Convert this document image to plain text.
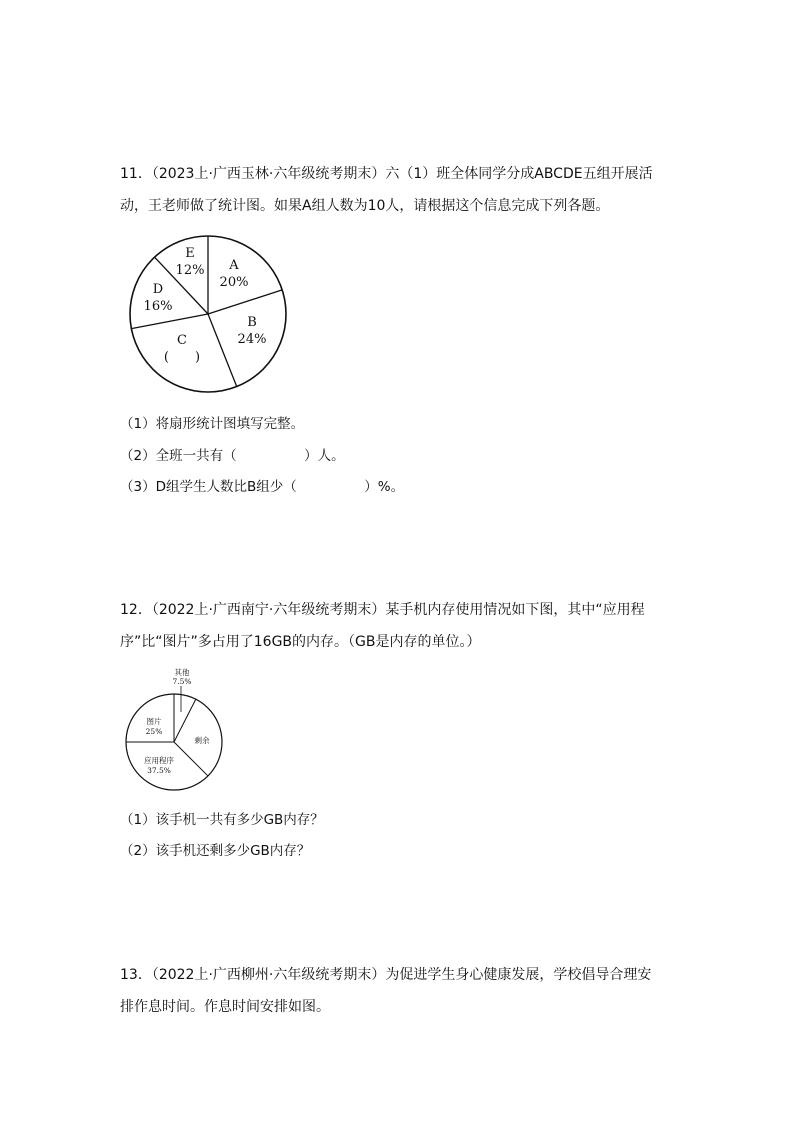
11．（2023上·广西玉林·六年级统考期末）六（1）班全体同学分成ABCDE五组开展活
动，王老师做了统计图。如果A组人数为10人，请根据这个信息完成下列各题。
A
20%
B
24%
C
(　　)
D
16%
E
12%
（1）将扇形统计图填写完整。
（2）全班一共有（　　　　　）人。
（3）D组学生人数比B组少（　　　　　）%。
12．（2022上·广西南宁·六年级统考期末）某手机内存使用情况如下图，其中“应用程
序”比“图片”多占用了16GB的内存。（GB是内存的单位。）
其他
7.5%
剩余
应用程序
37.5%
图片
25%
（1）该手机一共有多少GB内存？
（2）该手机还剩多少GB内存？
13．（2022上·广西柳州·六年级统考期末）为促进学生身心健康发展，学校倡导合理安
排作息时间。作息时间安排如图。
